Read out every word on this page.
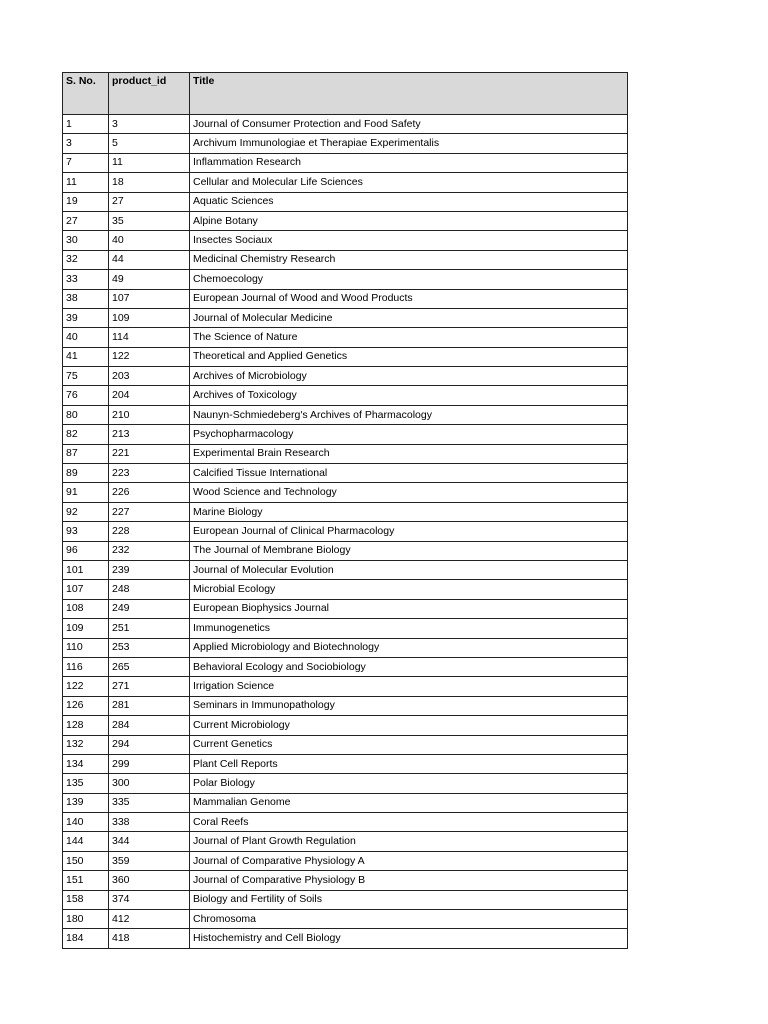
S. No.	product_id	Title
1	3	Journal of Consumer Protection and Food Safety
3	5	Archivum Immunologiae et Therapiae Experimentalis
7	11	Inflammation Research
11	18	Cellular and Molecular Life Sciences
19	27	Aquatic Sciences
27	35	Alpine Botany
30	40	Insectes Sociaux
32	44	Medicinal Chemistry Research
33	49	Chemoecology
38	107	European Journal of Wood and Wood Products
39	109	Journal of Molecular Medicine
40	114	The Science of Nature
41	122	Theoretical and Applied Genetics
75	203	Archives of Microbiology
76	204	Archives of Toxicology
80	210	Naunyn-Schmiedeberg's Archives of Pharmacology
82	213	Psychopharmacology
87	221	Experimental Brain Research
89	223	Calcified Tissue International
91	226	Wood Science and Technology
92	227	Marine Biology
93	228	European Journal of Clinical Pharmacology
96	232	The Journal of Membrane Biology
101	239	Journal of Molecular Evolution
107	248	Microbial Ecology
108	249	European Biophysics Journal
109	251	Immunogenetics
110	253	Applied Microbiology and Biotechnology
116	265	Behavioral Ecology and Sociobiology
122	271	Irrigation Science
126	281	Seminars in Immunopathology
128	284	Current Microbiology
132	294	Current Genetics
134	299	Plant Cell Reports
135	300	Polar Biology
139	335	Mammalian Genome
140	338	Coral Reefs
144	344	Journal of Plant Growth Regulation
150	359	Journal of Comparative Physiology A
151	360	Journal of Comparative Physiology B
158	374	Biology and Fertility of Soils
180	412	Chromosoma
184	418	Histochemistry and Cell Biology
